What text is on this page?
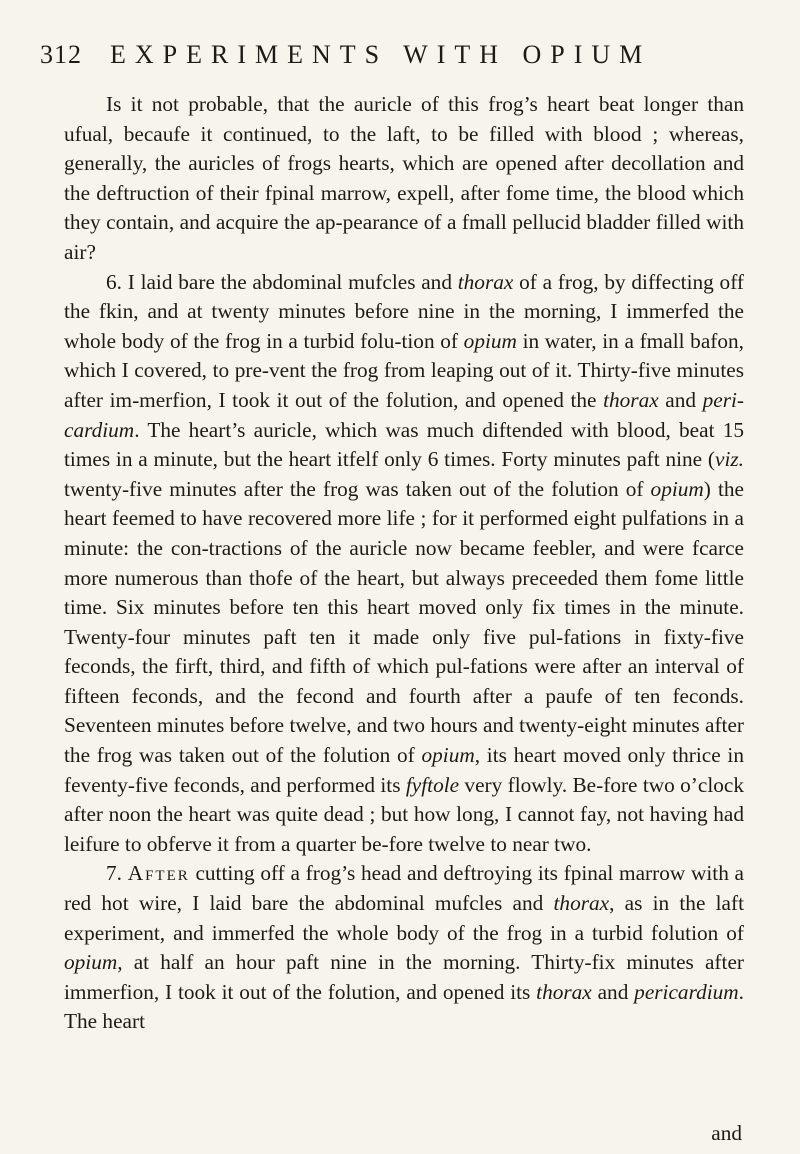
312 EXPERIMENTS WITH OPIUM

Is it not probable, that the auricle of this frog’s heart beat longer than ufual, becaufe it continued, to the laft, to be filled with blood ; whereas, generally, the auricles of frogs hearts, which are opened after decollation and the deftruction of their fpinal marrow, expell, after fome time, the blood which they contain, and acquire the ap-pearance of a fmall pellucid bladder filled with air?

6. I laid bare the abdominal mufcles and thorax of a frog, by diffecting off the fkin, and at twenty minutes before nine in the morning, I immerfed the whole body of the frog in a turbid folu-tion of opium in water, in a fmall bafon, which I covered, to pre-vent the frog from leaping out of it. Thirty-five minutes after im-merfion, I took it out of the folution, and opened the thorax and peri-cardium. The heart’s auricle, which was much diftended with blood, beat 15 times in a minute, but the heart itfelf only 6 times. Forty minutes paft nine (viz. twenty-five minutes after the frog was taken out of the folution of opium) the heart feemed to have recovered more life ; for it performed eight pulfations in a minute: the con-tractions of the auricle now became feebler, and were fcarce more numerous than thofe of the heart, but always preceeded them fome little time. Six minutes before ten this heart moved only fix times in the minute. Twenty-four minutes paft ten it made only five pul-fations in fixty-five feconds, the firft, third, and fifth of which pul-fations were after an interval of fifteen feconds, and the fecond and fourth after a paufe of ten feconds. Seventeen minutes before twelve, and two hours and twenty-eight minutes after the frog was taken out of the folution of opium, its heart moved only thrice in feventy-five feconds, and performed its fyftole very flowly. Be-fore two o’clock after noon the heart was quite dead ; but how long, I cannot fay, not having had leifure to obferve it from a quarter be-fore twelve to near two.

7. After cutting off a frog’s head and deftroying its fpinal marrow with a red hot wire, I laid bare the abdominal mufcles and thorax, as in the laft experiment, and immerfed the whole body of the frog in a turbid folution of opium, at half an hour paft nine in the morning. Thirty-fix minutes after immerfion, I took it out of the folution, and opened its thorax and pericardium. The heart

and
